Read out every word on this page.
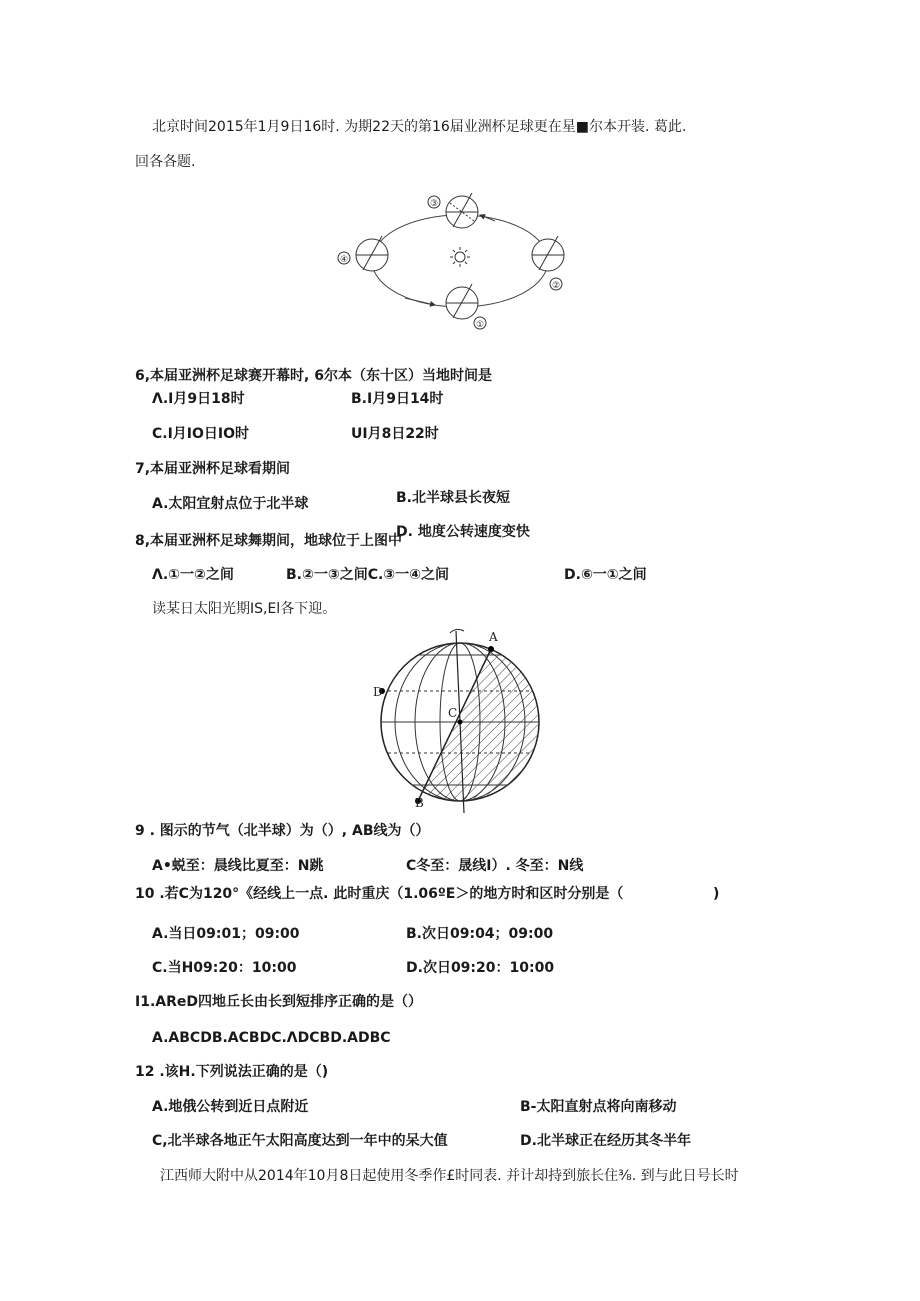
北京时间2015年1月9日16时. 为期22天的第16届业洲杯足球更在星■尔本开装. 葛此.
回各各题.
③
④
②
①
6,本届亚洲杯足球赛开幕时, 6尔本（东十区）当地时间是
Λ.I月9日18时	B.I月9日14时
C.I月IO日IO时	UI月8日22时
7,本届亚洲杯足球看期间
A.太阳宜射点位于北半球	B.北半球县长夜短
D. 地度公转速度变快
8,本届亚洲杯足球舞期间，地球位于上图中
Λ.①一②之间	B.②一③之间C.③一④之间	D.⑥一①之间
读某日太阳光期IS,El各下迎。
A
B
C
D
9 . 图示的节气（北半球）为（）, AB线为（）
A•蜕至：晨线比夏至：N跳	C冬至：晟线I）. 冬至：N线
10 .若C为120°《经线上一点. 此时重庆（1.06ºE＞的地方时和区时分别是（	)
A.当日09:01；09:00	B.次日09:04；09:00
C.当H09:20：10:00	D.次日09:20：10:00
I1.AReD四地丘长由长到短排序正确的是（）
A.ABCDB.ACBDC.ΛDCBD.ADBC
12 .该H.下列说法正确的是（)
A.地俄公转到近日点附近	B-太阳直射点将向南移动
C,北半球各地正午太阳高度达到一年中的呆大值	D.北半球正在经历其冬半年
江西师大附中从2014年10月8日起使用冬季作£时同表. 并计却持到旅长住⅜. 到与此日号长时
